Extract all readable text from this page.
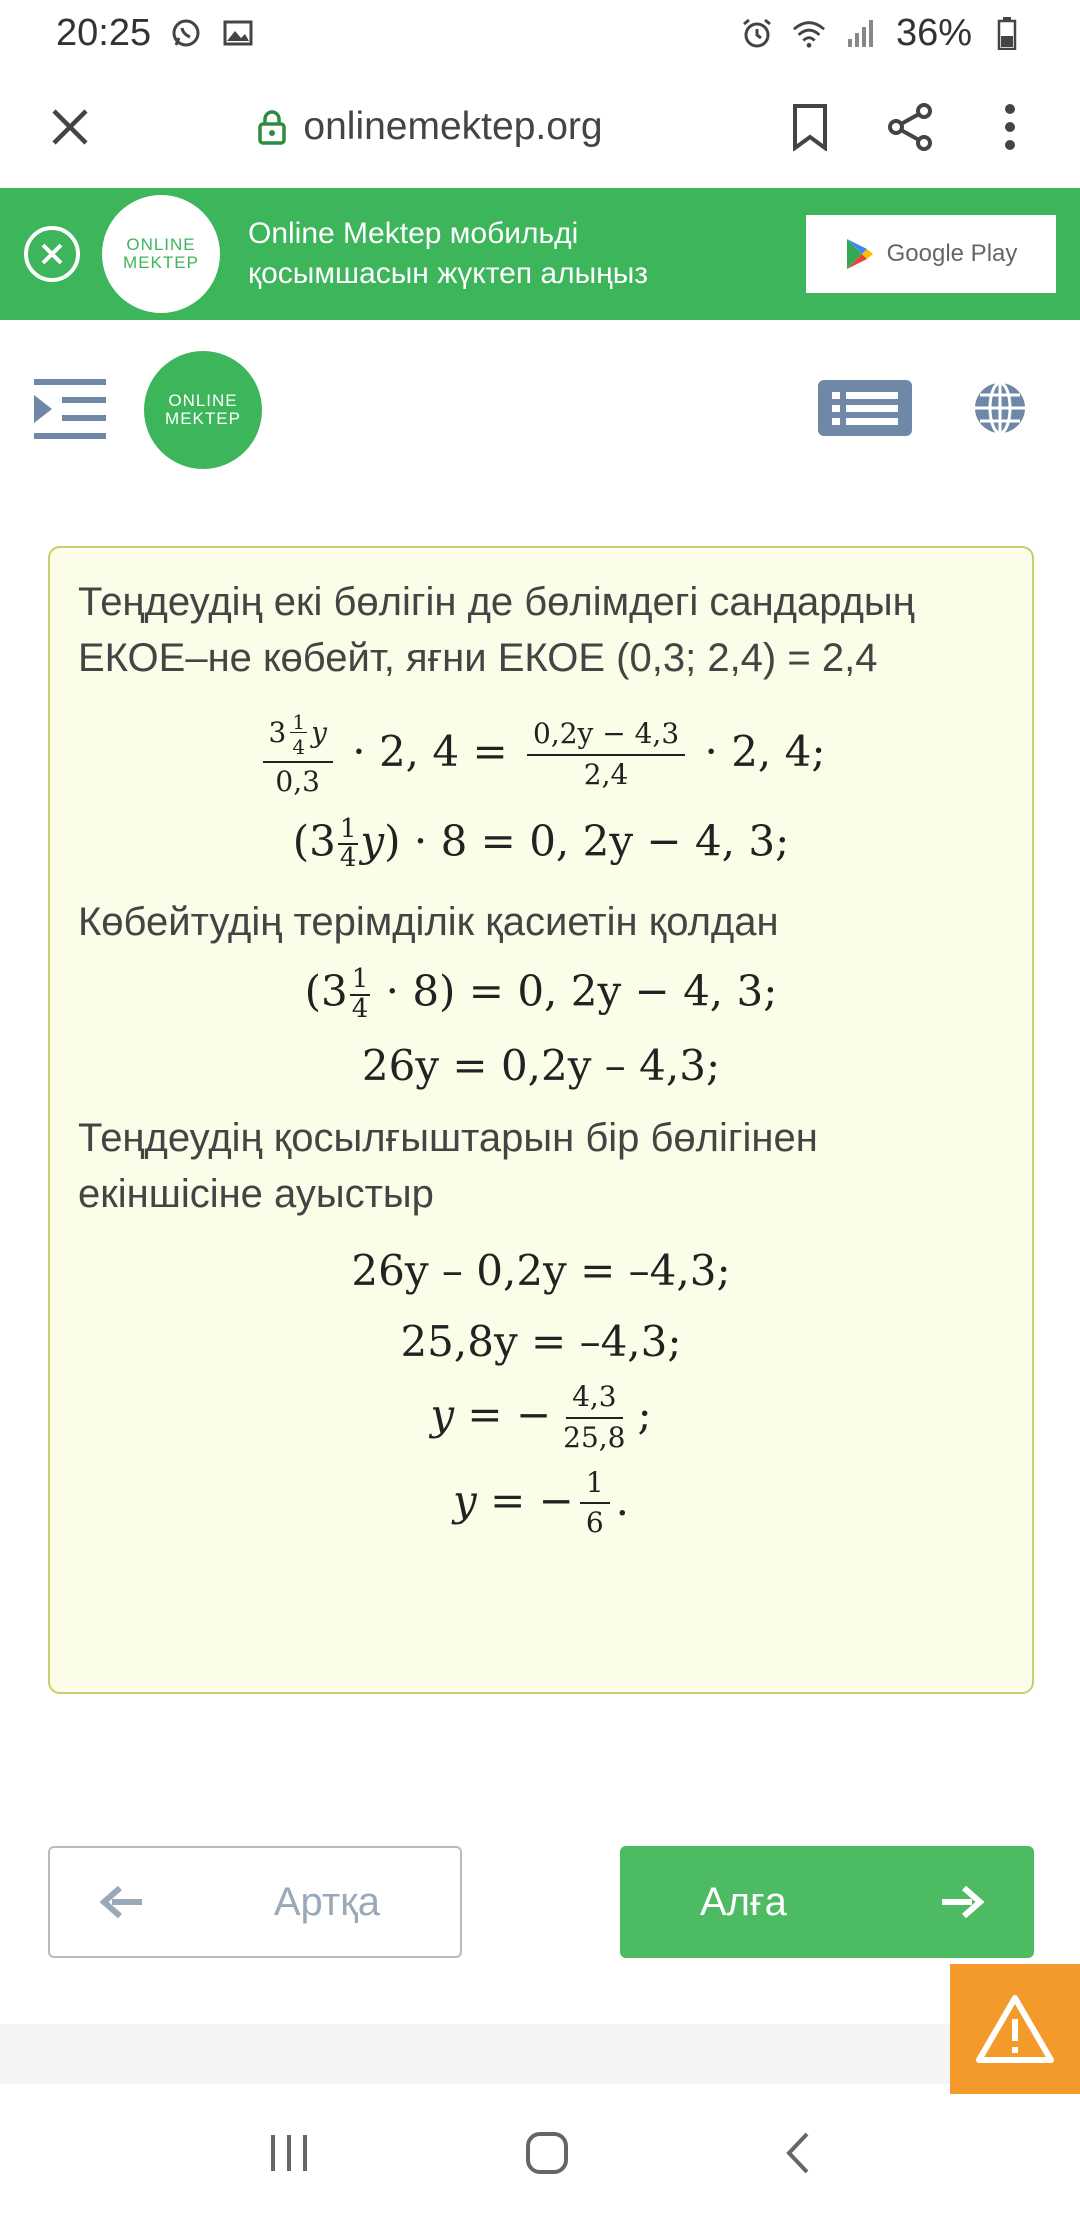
20:25	36%
onlinemektep.org
ONLINE
MEKTEP
Online Mektep мобильді
қосымшасын жүктеп алыңыз
Google Play
ONLINE
MEKTEP

Теңдеудің екі бөлігін де бөлімдегі сандардың ЕКОЕ–не көбейт, яғни ЕКОЕ (0,3; 2,4) = 2,4

$\frac{3 \frac{1}{4} y}{0,3} \cdot 2$, $4 = \frac{0,2y - 4,3}{2,4} \cdot 2$, 4;
$(3 \frac{1}{4} y) \cdot 8 = 0$, 2y − 4, 3;

Көбейтудің терімділік қасиетін қолдан

$(3 \frac{1}{4} \cdot 8) = 0$, 2y − 4, 3;
26y = 0,2y – 4,3;

Теңдеудің қосылғыштарын бір бөлігінен екіншісіне ауыстыр

26y – 0,2y = –4,3;
25,8y = –4,3;
y = − $\frac{4,3}{25,8}$ ;
y = − $\frac{1}{6}$ .
Артқа	Алға
